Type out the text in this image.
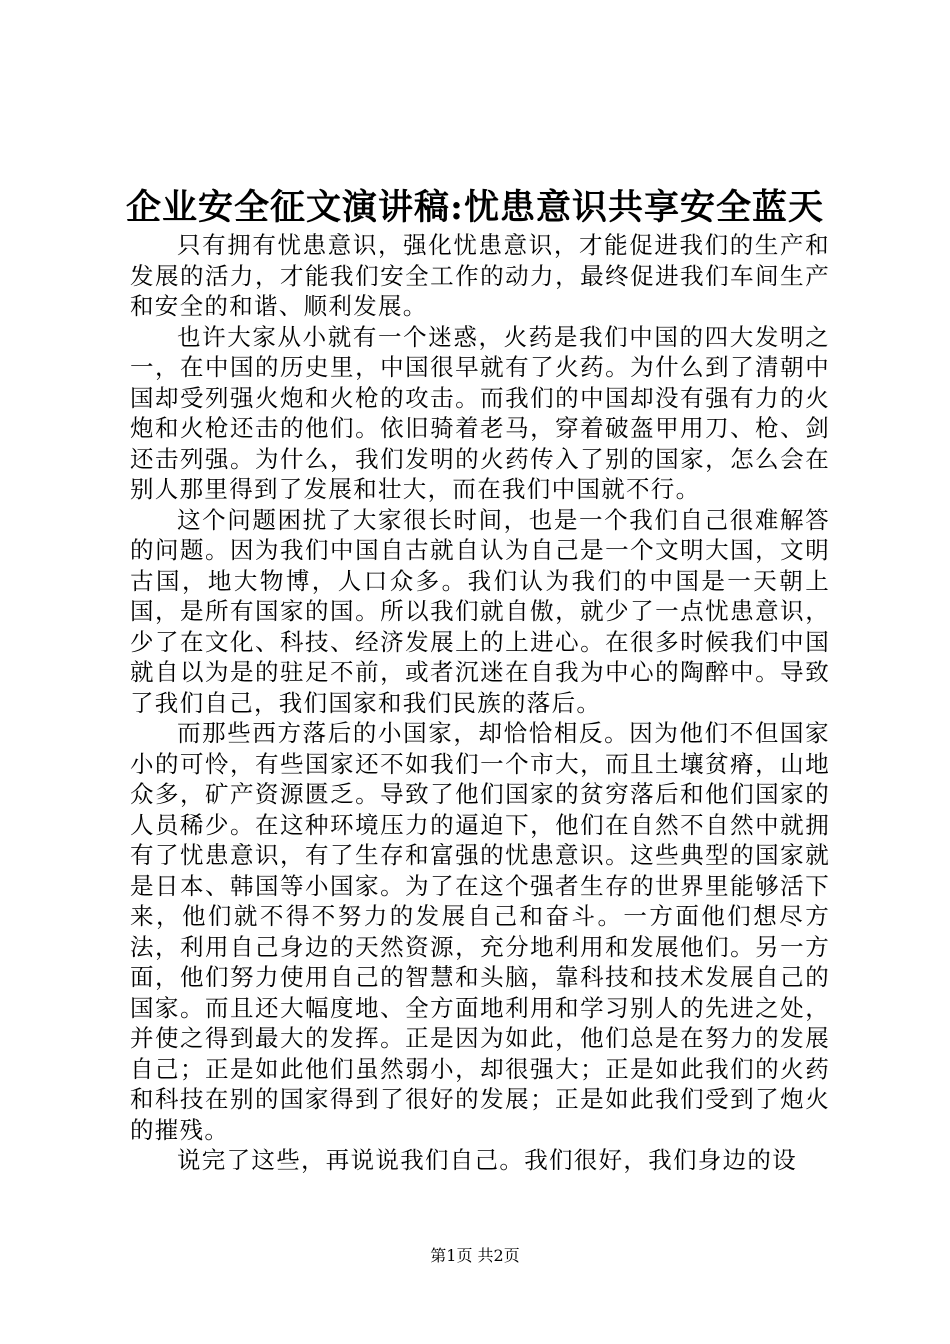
企业安全征文演讲稿:忧患意识共享安全蓝天

只有拥有忧患意识，强化忧患意识，才能促进我们的生产和发展的活力，才能我们安全工作的动力，最终促进我们车间生产和安全的和谐、顺利发展。

也许大家从小就有一个迷惑，火药是我们中国的四大发明之一，在中国的历史里，中国很早就有了火药。为什么到了清朝中国却受列强火炮和火枪的攻击。而我们的中国却没有强有力的火炮和火枪还击的他们。依旧骑着老马，穿着破盔甲用刀、枪、剑还击列强。为什么，我们发明的火药传入了别的国家，怎么会在别人那里得到了发展和壮大，而在我们中国就不行。

这个问题困扰了大家很长时间，也是一个我们自己很难解答的问题。因为我们中国自古就自认为自己是一个文明大国，文明古国，地大物博，人口众多。我们认为我们的中国是一天朝上国，是所有国家的国。所以我们就自傲，就少了一点忧患意识，少了在文化、科技、经济发展上的上进心。在很多时候我们中国就自以为是的驻足不前，或者沉迷在自我为中心的陶醉中。导致了我们自己，我们国家和我们民族的落后。

而那些西方落后的小国家，却恰恰相反。因为他们不但国家小的可怜，有些国家还不如我们一个市大，而且土壤贫瘠，山地众多，矿产资源匮乏。导致了他们国家的贫穷落后和他们国家的人员稀少。在这种环境压力的逼迫下，他们在自然不自然中就拥有了忧患意识，有了生存和富强的忧患意识。这些典型的国家就是日本、韩国等小国家。为了在这个强者生存的世界里能够活下来，他们就不得不努力的发展自己和奋斗。一方面他们想尽方法，利用自己身边的天然资源，充分地利用和发展他们。另一方面，他们努力使用自己的智慧和头脑，靠科技和技术发展自己的国家。而且还大幅度地、全方面地利用和学习别人的先进之处，并使之得到最大的发挥。正是因为如此，他们总是在努力的发展自己；正是如此他们虽然弱小，却很强大；正是如此我们的火药和科技在别的国家得到了很好的发展；正是如此我们受到了炮火的摧残。

说完了这些，再说说我们自己。我们很好，我们身边的设

第1页 共2页
